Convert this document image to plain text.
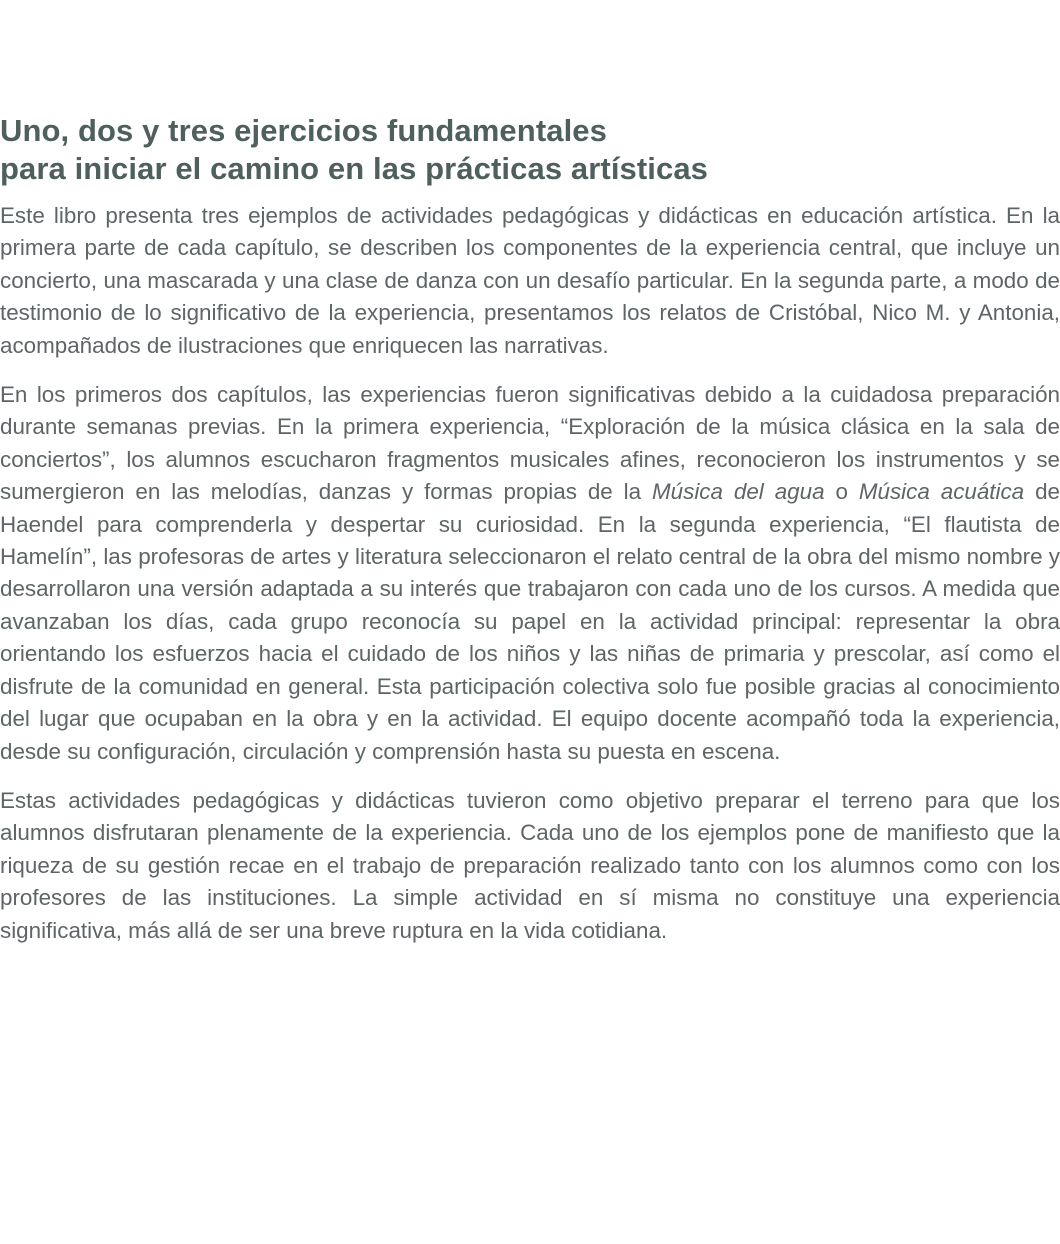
Uno, dos y tres ejercicios fundamentales
para iniciar el camino en las prácticas artísticas

Este libro presenta tres ejemplos de actividades pedagógicas y didácticas en educación artística. En la primera parte de cada capítulo, se describen los componentes de la experiencia central, que incluye un concierto, una mascarada y una clase de danza con un desafío particular. En la segunda parte, a modo de testimonio de lo significativo de la experiencia, presentamos los relatos de Cristóbal, Nico M. y Antonia, acompañados de ilustraciones que enriquecen las narrativas.

En los primeros dos capítulos, las experiencias fueron significativas debido a la cuidadosa preparación durante semanas previas. En la primera experiencia, “Exploración de la música clásica en la sala de conciertos”, los alumnos escucharon fragmentos musicales afines, reconocieron los instrumentos y se sumergieron en las melodías, danzas y formas propias de la Música del agua o Música acuática de Haendel para comprenderla y despertar su curiosidad. En la segunda experiencia, “El flautista de Hamelín”, las profesoras de artes y literatura seleccionaron el relato central de la obra del mismo nombre y desarrollaron una versión adaptada a su interés que trabajaron con cada uno de los cursos. A medida que avanzaban los días, cada grupo reconocía su papel en la actividad principal: representar la obra orientando los esfuerzos hacia el cuidado de los niños y las niñas de primaria y prescolar, así como el disfrute de la comunidad en general. Esta participación colectiva solo fue posible gracias al conocimiento del lugar que ocupaban en la obra y en la actividad. El equipo docente acompañó toda la experiencia, desde su configuración, circulación y comprensión hasta su puesta en escena.

Estas actividades pedagógicas y didácticas tuvieron como objetivo preparar el terreno para que los alumnos disfrutaran plenamente de la experiencia. Cada uno de los ejemplos pone de manifiesto que la riqueza de su gestión recae en el trabajo de preparación realizado tanto con los alumnos como con los profesores de las instituciones. La simple actividad en sí misma no constituye una experiencia significativa, más allá de ser una breve ruptura en la vida cotidiana.
